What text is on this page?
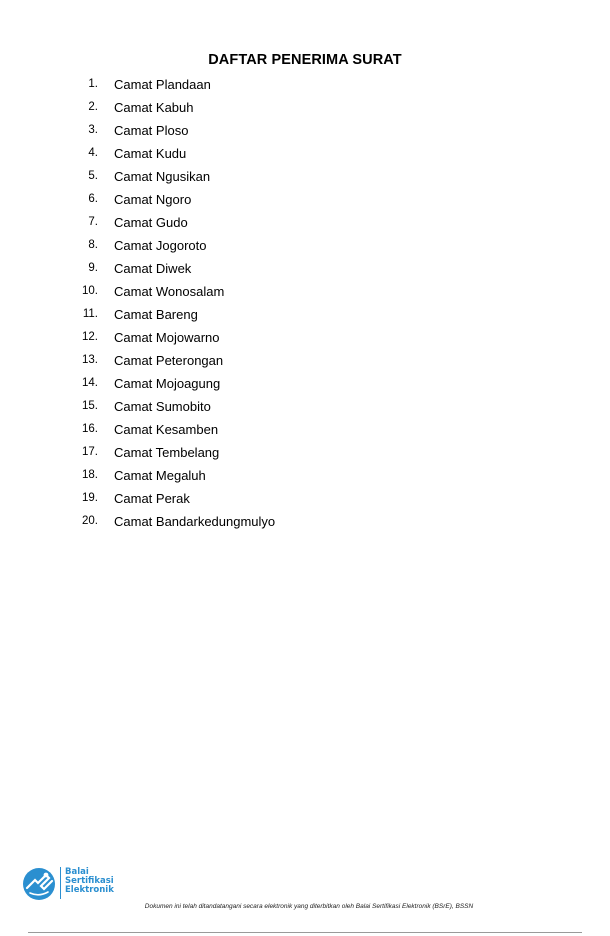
DAFTAR PENERIMA SURAT
1. Camat Plandaan
2. Camat Kabuh
3. Camat Ploso
4. Camat Kudu
5. Camat Ngusikan
6. Camat Ngoro
7. Camat Gudo
8. Camat Jogoroto
9. Camat Diwek
10. Camat Wonosalam
11. Camat Bareng
12. Camat Mojowarno
13. Camat Peterongan
14. Camat Mojoagung
15. Camat Sumobito
16. Camat Kesamben
17. Camat Tembelang
18. Camat Megaluh
19. Camat Perak
20. Camat Bandarkedungmulyo
Balai
Sertifikasi
Elektronik
Dokumen ini telah ditandatangani secara elektronik yang diterbitkan oleh Balai Sertifikasi Elektronik (BSrE), BSSN
